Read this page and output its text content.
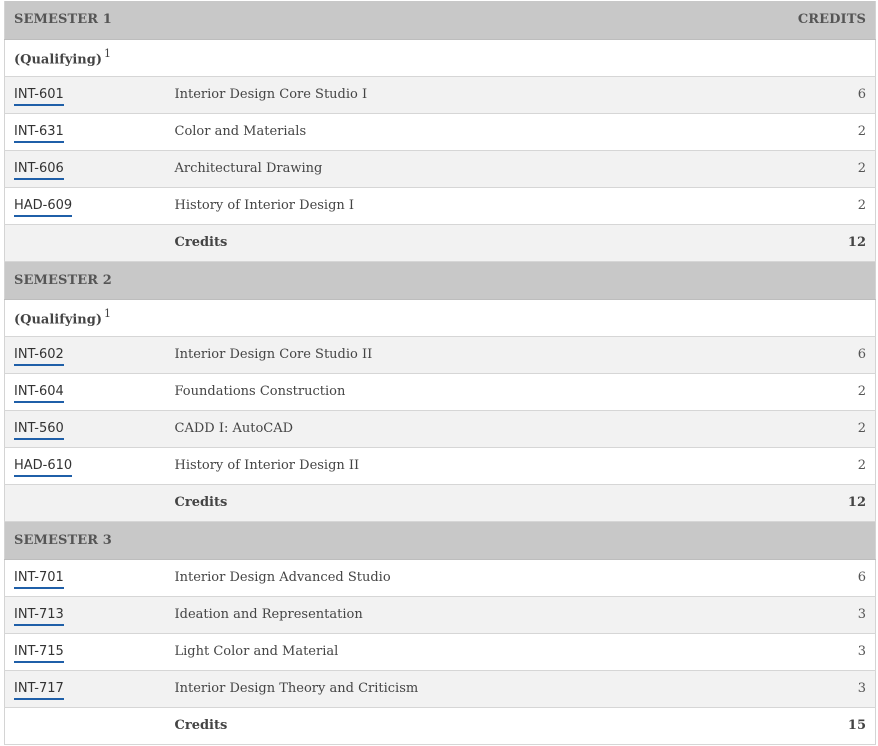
SEMESTER 1		CREDITS
(Qualifying) $^1$
INT-601	Interior Design Core Studio I	6
INT-631	Color and Materials	2
INT-606	Architectural Drawing	2
HAD-609	History of Interior Design I	2
	Credits	12
SEMESTER 2		
(Qualifying) $^1$
INT-602	Interior Design Core Studio II	6
INT-604	Foundations Construction	2
INT-560	CADD I: AutoCAD	2
HAD-610	History of Interior Design II	2
	Credits	12
SEMESTER 3		
INT-701	Interior Design Advanced Studio	6
INT-713	Ideation and Representation	3
INT-715	Light Color and Material	3
INT-717	Interior Design Theory and Criticism	3
	Credits	15
